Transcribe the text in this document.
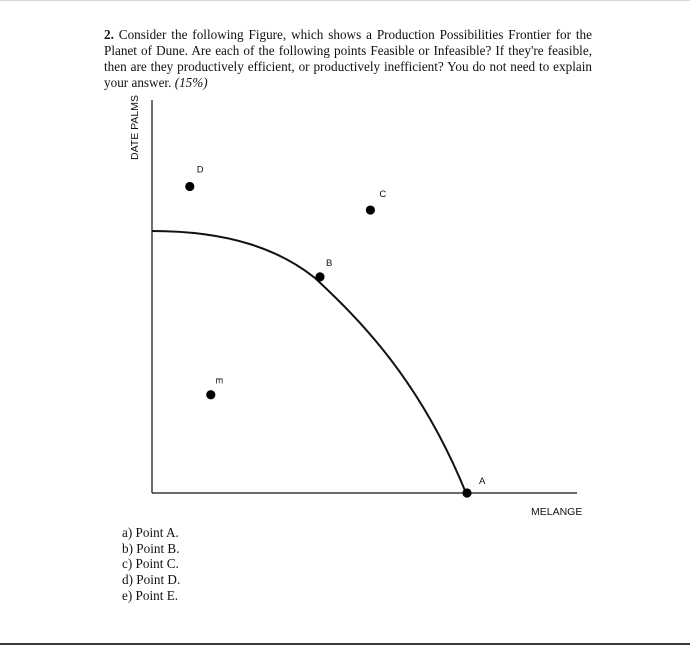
2. Consider the following Figure, which shows a Production Possibilities Frontier for the Planet of Dune. Are each of the following points Feasible or Infeasible? If they're feasible, then are they productively efficient, or productively inefficient? You do not need to explain your answer. (15%)

DATE PALMS
MELANGE
A
B
C
D
E
a) Point A.
b) Point B.
c) Point C.
d) Point D.
e) Point E.
